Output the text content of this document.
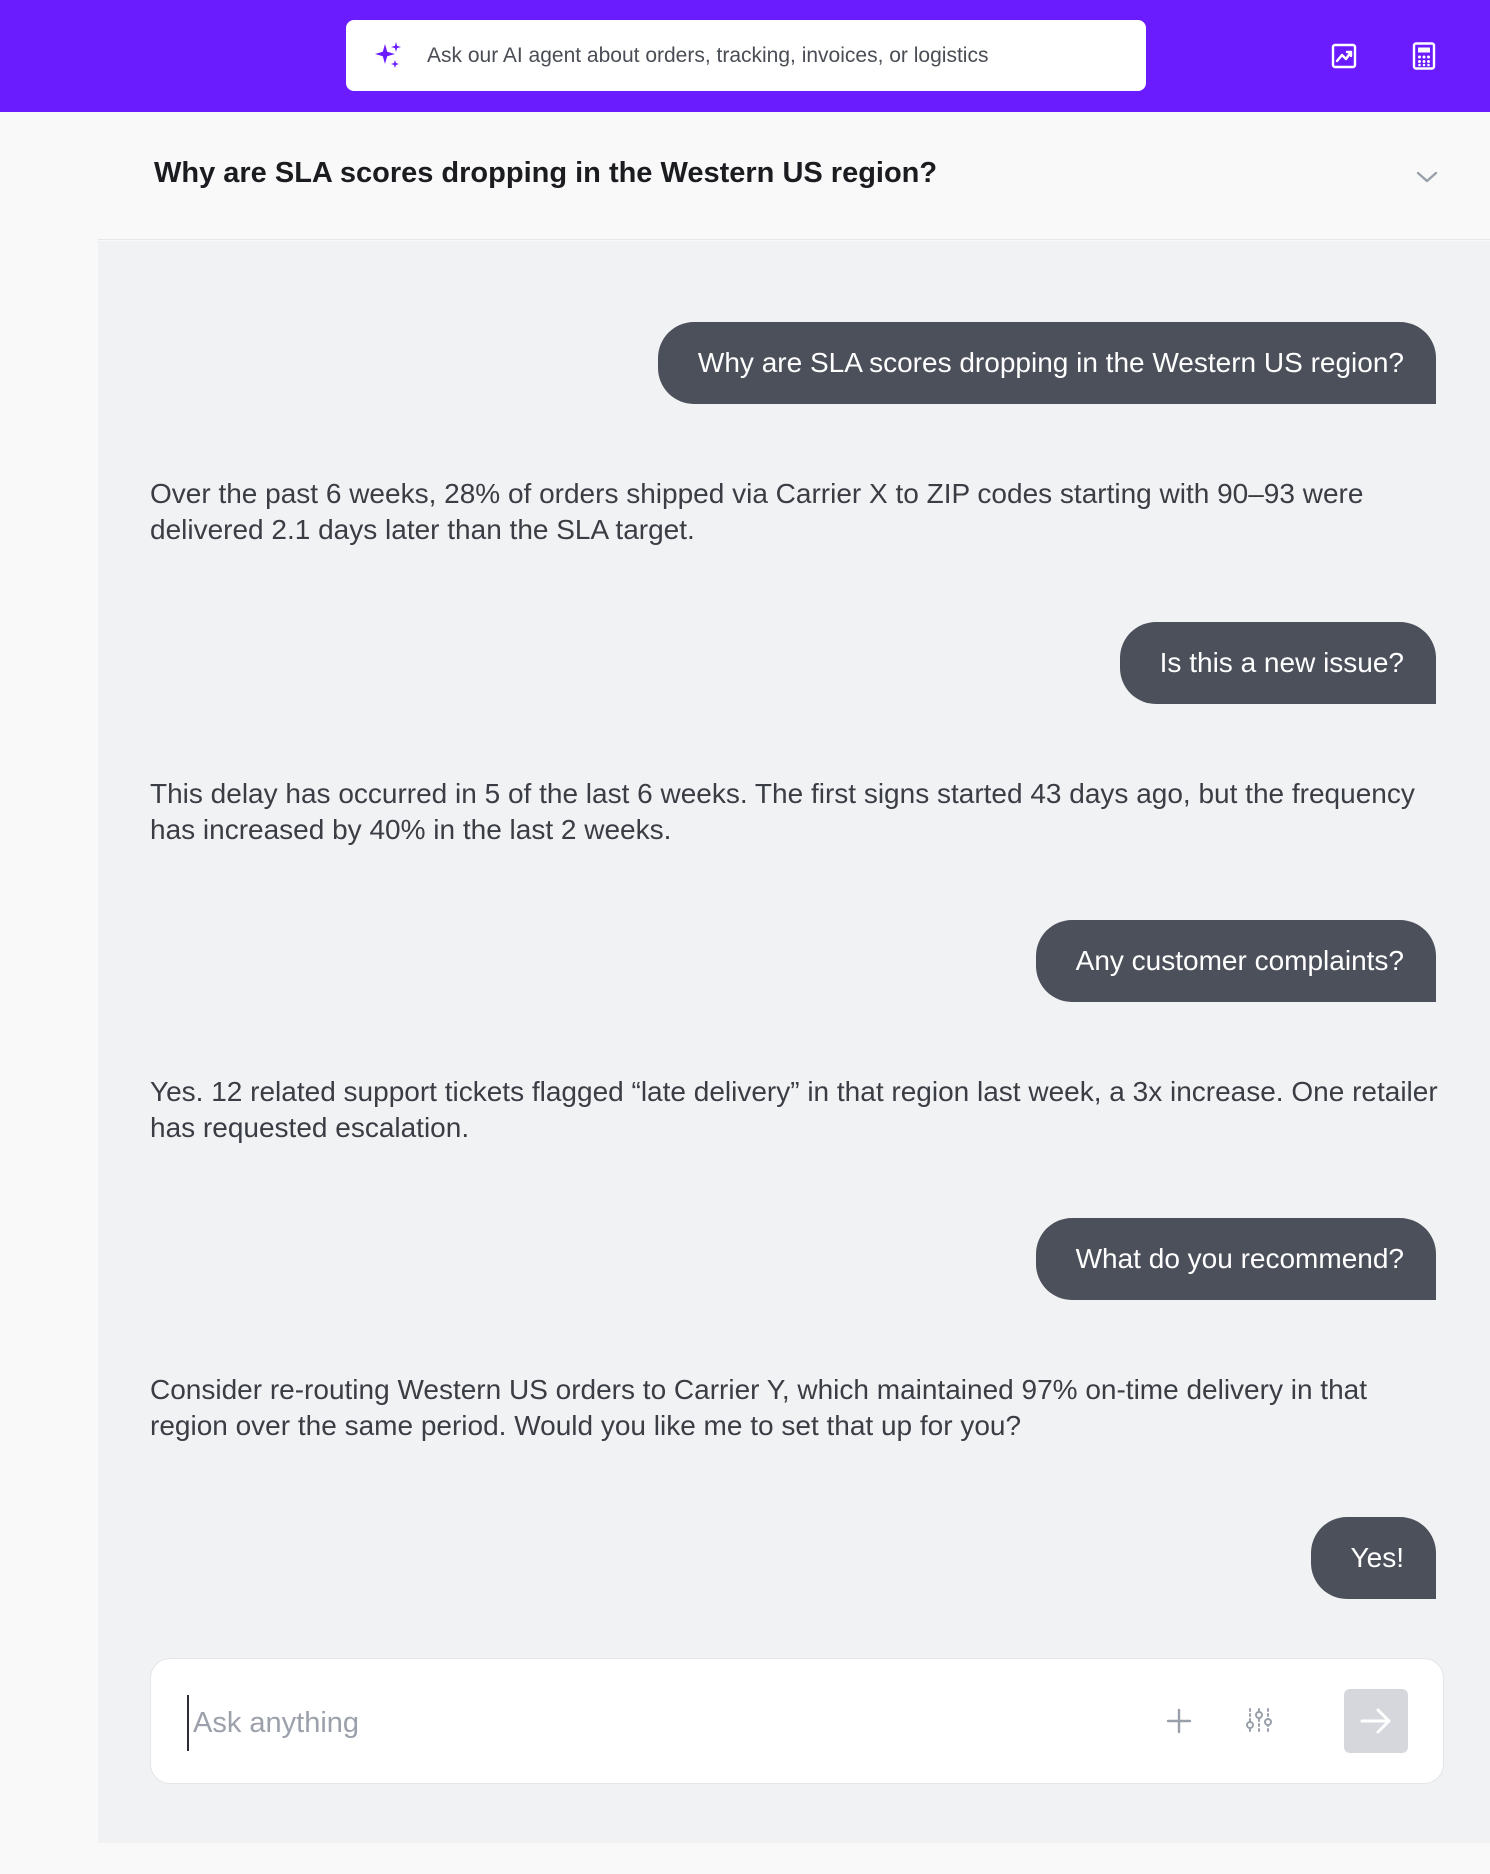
Ask our AI agent about orders, tracking, invoices, or logistics
Why are SLA scores dropping in the Western US region?
Why are SLA scores dropping in the Western US region?

Over the past 6 weeks, 28% of orders shipped via Carrier X to ZIP codes starting with 90–93 were delivered 2.1 days later than the SLA target.

Is this a new issue?

This delay has occurred in 5 of the last 6 weeks. The first signs started 43 days ago, but the frequency has increased by 40% in the last 2 weeks.

Any customer complaints?

Yes. 12 related support tickets flagged “late delivery” in that region last week, a 3x increase. One retailer has requested escalation.

What do you recommend?

Consider re-routing Western US orders to Carrier Y, which maintained 97% on-time delivery in that region over the same period. Would you like me to set that up for you?

Yes!
Ask anything
